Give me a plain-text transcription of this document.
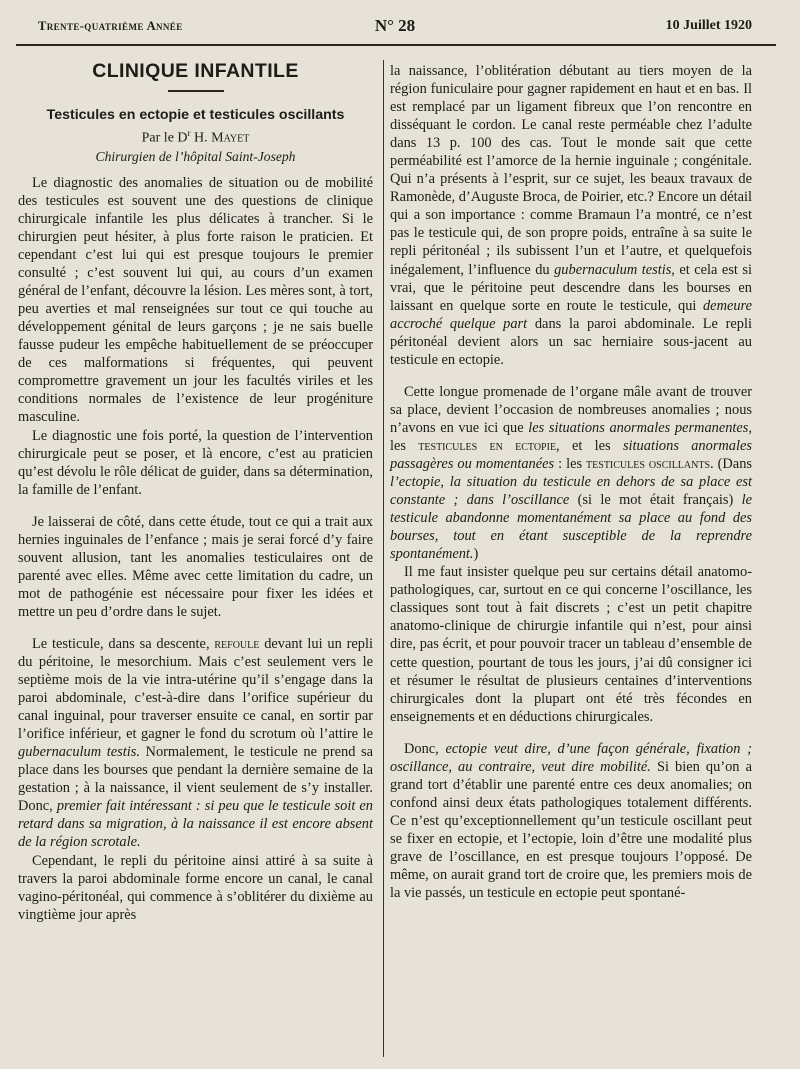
Trente-quatrième Année	N° 28	10 Juillet 1920

CLINIQUE INFANTILE

Testicules en ectopie et testicules oscillants

Par le $D^r$ H. Mayet

Chirurgien de l’hôpital Saint-Joseph

Le diagnostic des anomalies de situation ou de mobilité des testicules est souvent une des questions de clinique chirurgicale infantile les plus délicates à trancher. Si le chirurgien peut hésiter, à plus forte raison le praticien. Et cependant c’est lui qui est presque toujours le premier consulté ; c’est souvent lui qui, au cours d’un examen général de l’enfant, découvre la lésion. Les mères sont, à tort, peu averties et mal renseignées sur tout ce qui touche au développement génital de leurs garçons ; je ne sais buelle fausse pudeur les empêche habituellement de se préoccuper de ces malformations si fréquentes, qui peuvent compromettre gravement un jour les facultés viriles et les conditions normales de l’existence de leur progéniture masculine.

Le diagnostic une fois porté, la question de l’intervention chirurgicale peut se poser, et là encore, c’est au praticien qu’est dévolu le rôle délicat de guider, dans sa détermination, la famille de l’enfant.

Je laisserai de côté, dans cette étude, tout ce qui a trait aux hernies inguinales de l’enfance ; mais je serai forcé d’y faire souvent allusion, tant les anomalies testiculaires ont de parenté avec elles. Même avec cette limitation du cadre, un mot de pathogénie est nécessaire pour fixer les idées et mettre un peu d’ordre dans le sujet.

Le testicule, dans sa descente, refoule devant lui un repli du péritoine, le mesorchium. Mais c’est seulement vers le septième mois de la vie intra-utérine qu’il s’engage dans la paroi abdominale, c’est-à-dire dans l’orifice supérieur du canal inguinal, pour traverser ensuite ce canal, en sortir par l’orifice inférieur, et gagner le fond du scrotum où l’attire le gubernaculum testis. Normalement, le testicule ne prend sa place dans les bourses que pendant la dernière semaine de la gestation ; à la naissance, il vient seulement de s’y installer. Donc, premier fait intéressant : si peu que le testicule soit en retard dans sa migration, à la naissance il est encore absent de la région scrotale.

Cependant, le repli du péritoine ainsi attiré à sa suite à travers la paroi abdominale forme encore un canal, le canal vagino-péritonéal, qui commence à s’oblitérer du dixième au vingtième jour après

la naissance, l’oblitération débutant au tiers moyen de la région funiculaire pour gagner rapidement en haut et en bas. Il est remplacé par un ligament fibreux que l’on rencontre en disséquant le cordon. Le canal reste perméable chez l’adulte dans 13 p. 100 des cas. Tout le monde sait que cette perméabilité est l’amorce de la hernie inguinale ; congénitale. Qui n’a présents à l’esprit, sur ce sujet, les beaux travaux de Ramonède, d’Auguste Broca, de Poirier, etc.? Encore un détail qui a son importance : comme Bramaun l’a montré, ce n’est pas le testicule qui, de son propre poids, entraîne à sa suite le repli péritonéal ; ils subissent l’un et l’autre, et quelquefois inégalement, l’influence du gubernaculum testis, et cela est si vrai, que le péritoine peut descendre dans les bourses en laissant en quelque sorte en route le testicule, qui demeure accroché quelque part dans la paroi abdominale. Le repli péritonéal devient alors un sac herniaire sous-jacent au testicule en ectopie.

Cette longue promenade de l’organe mâle avant de trouver sa place, devient l’occasion de nombreuses anomalies ; nous n’avons en vue ici que les situations anormales permanentes, les testicules en ectopie, et les situations anormales passagères ou momentanées : les testicules oscillants. (Dans l’ectopie, la situation du testicule en dehors de sa place est constante ; dans l’oscillance (si le mot était français) le testicule abandonne momentanément sa place au fond des bourses, tout en étant susceptible de la reprendre spontanément.)

Il me faut insister quelque peu sur certains détail anatomo-pathologiques, car, surtout en ce qui concerne l’oscillance, les classiques sont tout à fait discrets ; c’est un petit chapitre anatomo-clinique de chirurgie infantile qui n’est, pour ainsi dire, pas écrit, et pour pouvoir tracer un tableau d’ensemble de cette question, pourtant de tous les jours, j’ai dû consigner ici et résumer le résultat de plusieurs centaines d’interventions chirurgicales dont la plupart ont été très fécondes en enseignements et en déductions chirurgicales.

Donc, ectopie veut dire, d’une façon générale, fixation ; oscillance, au contraire, veut dire mobilité. Si bien qu’on a grand tort d’établir une parenté entre ces deux anomalies; on confond ainsi deux états pathologiques totalement différents. Ce n’est qu’exceptionnellement qu’un testicule oscillant peut se fixer en ectopie, et l’ectopie, loin d’être une modalité plus grave de l’oscillance, en est presque toujours l’opposé. De même, on aurait grand tort de croire que, les premiers mois de la vie passés, un testicule en ectopie peut spontané-
